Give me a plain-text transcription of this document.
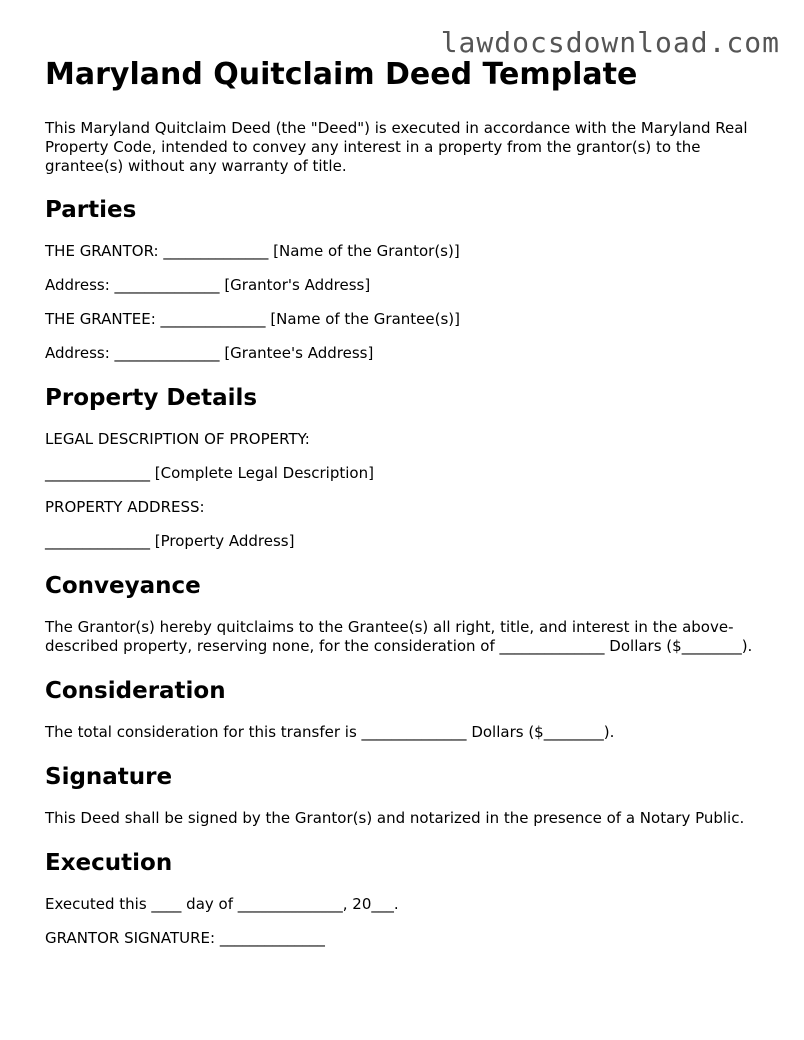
lawdocsdownload.com
Maryland Quitclaim Deed Template

This Maryland Quitclaim Deed (the "Deed") is executed in accordance with the Maryland Real Property Code, intended to convey any interest in a property from the grantor(s) to the grantee(s) without any warranty of title.

Parties

THE GRANTOR: ______________ [Name of the Grantor(s)]

Address: ______________ [Grantor's Address]

THE GRANTEE: ______________ [Name of the Grantee(s)]

Address: ______________ [Grantee's Address]

Property Details

LEGAL DESCRIPTION OF PROPERTY:

______________ [Complete Legal Description]

PROPERTY ADDRESS:

______________ [Property Address]

Conveyance

The Grantor(s) hereby quitclaims to the Grantee(s) all right, title, and interest in the above-described property, reserving none, for the consideration of ______________ Dollars ($________).

Consideration

The total consideration for this transfer is ______________ Dollars ($________).

Signature

This Deed shall be signed by the Grantor(s) and notarized in the presence of a Notary Public.

Execution

Executed this ____ day of ______________, 20___.

GRANTOR SIGNATURE: ______________
